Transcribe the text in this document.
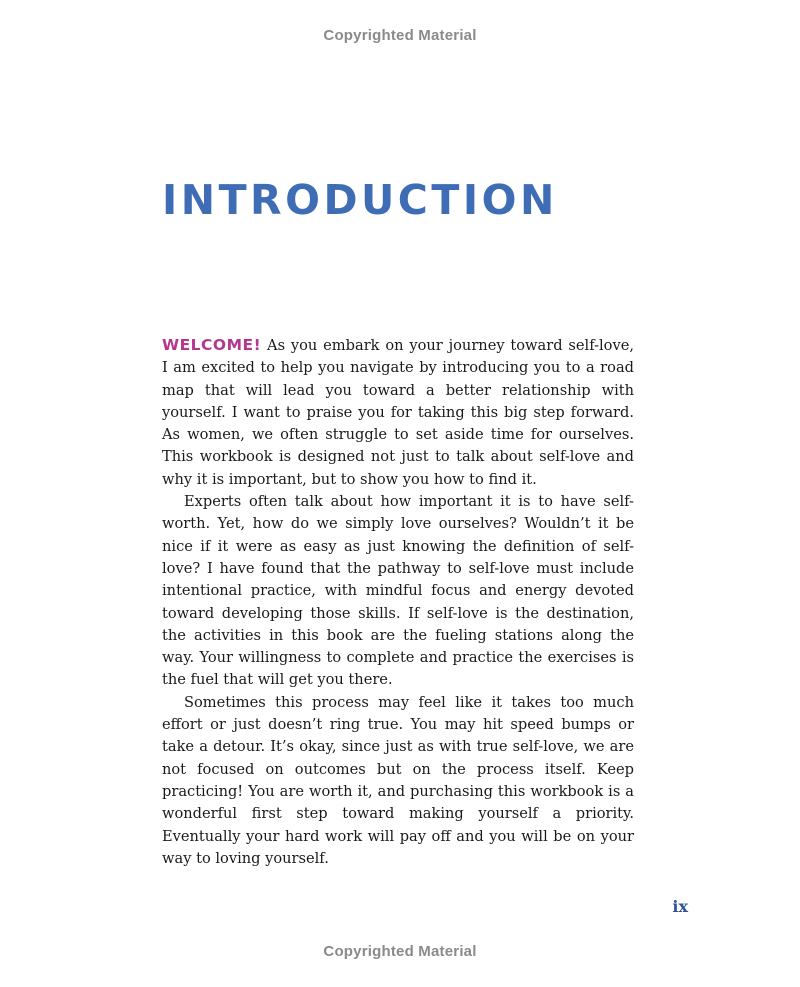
Copyrighted Material
INTRODUCTION

WELCOME! As you embark on your journey toward self-love, I am excited to help you navigate by introducing you to a road map that will lead you toward a better relationship with yourself. I want to praise you for taking this big step forward. As women, we often struggle to set aside time for ourselves. This workbook is designed not just to talk about self-love and why it is important, but to show you how to find it.

Experts often talk about how important it is to have self-worth. Yet, how do we simply love ourselves? Wouldn’t it be nice if it were as easy as just knowing the definition of self-love? I have found that the pathway to self-love must include intentional practice, with mindful focus and energy devoted toward developing those skills. If self-love is the destination, the activities in this book are the fueling stations along the way. Your willingness to complete and practice the exercises is the fuel that will get you there.

Sometimes this process may feel like it takes too much effort or just doesn’t ring true. You may hit speed bumps or take a detour. It’s okay, since just as with true self-love, we are not focused on outcomes but on the process itself. Keep practicing! You are worth it, and purchasing this workbook is a wonderful first step toward making yourself a priority. Eventually your hard work will pay off and you will be on your way to loving yourself.

ix
Copyrighted Material
